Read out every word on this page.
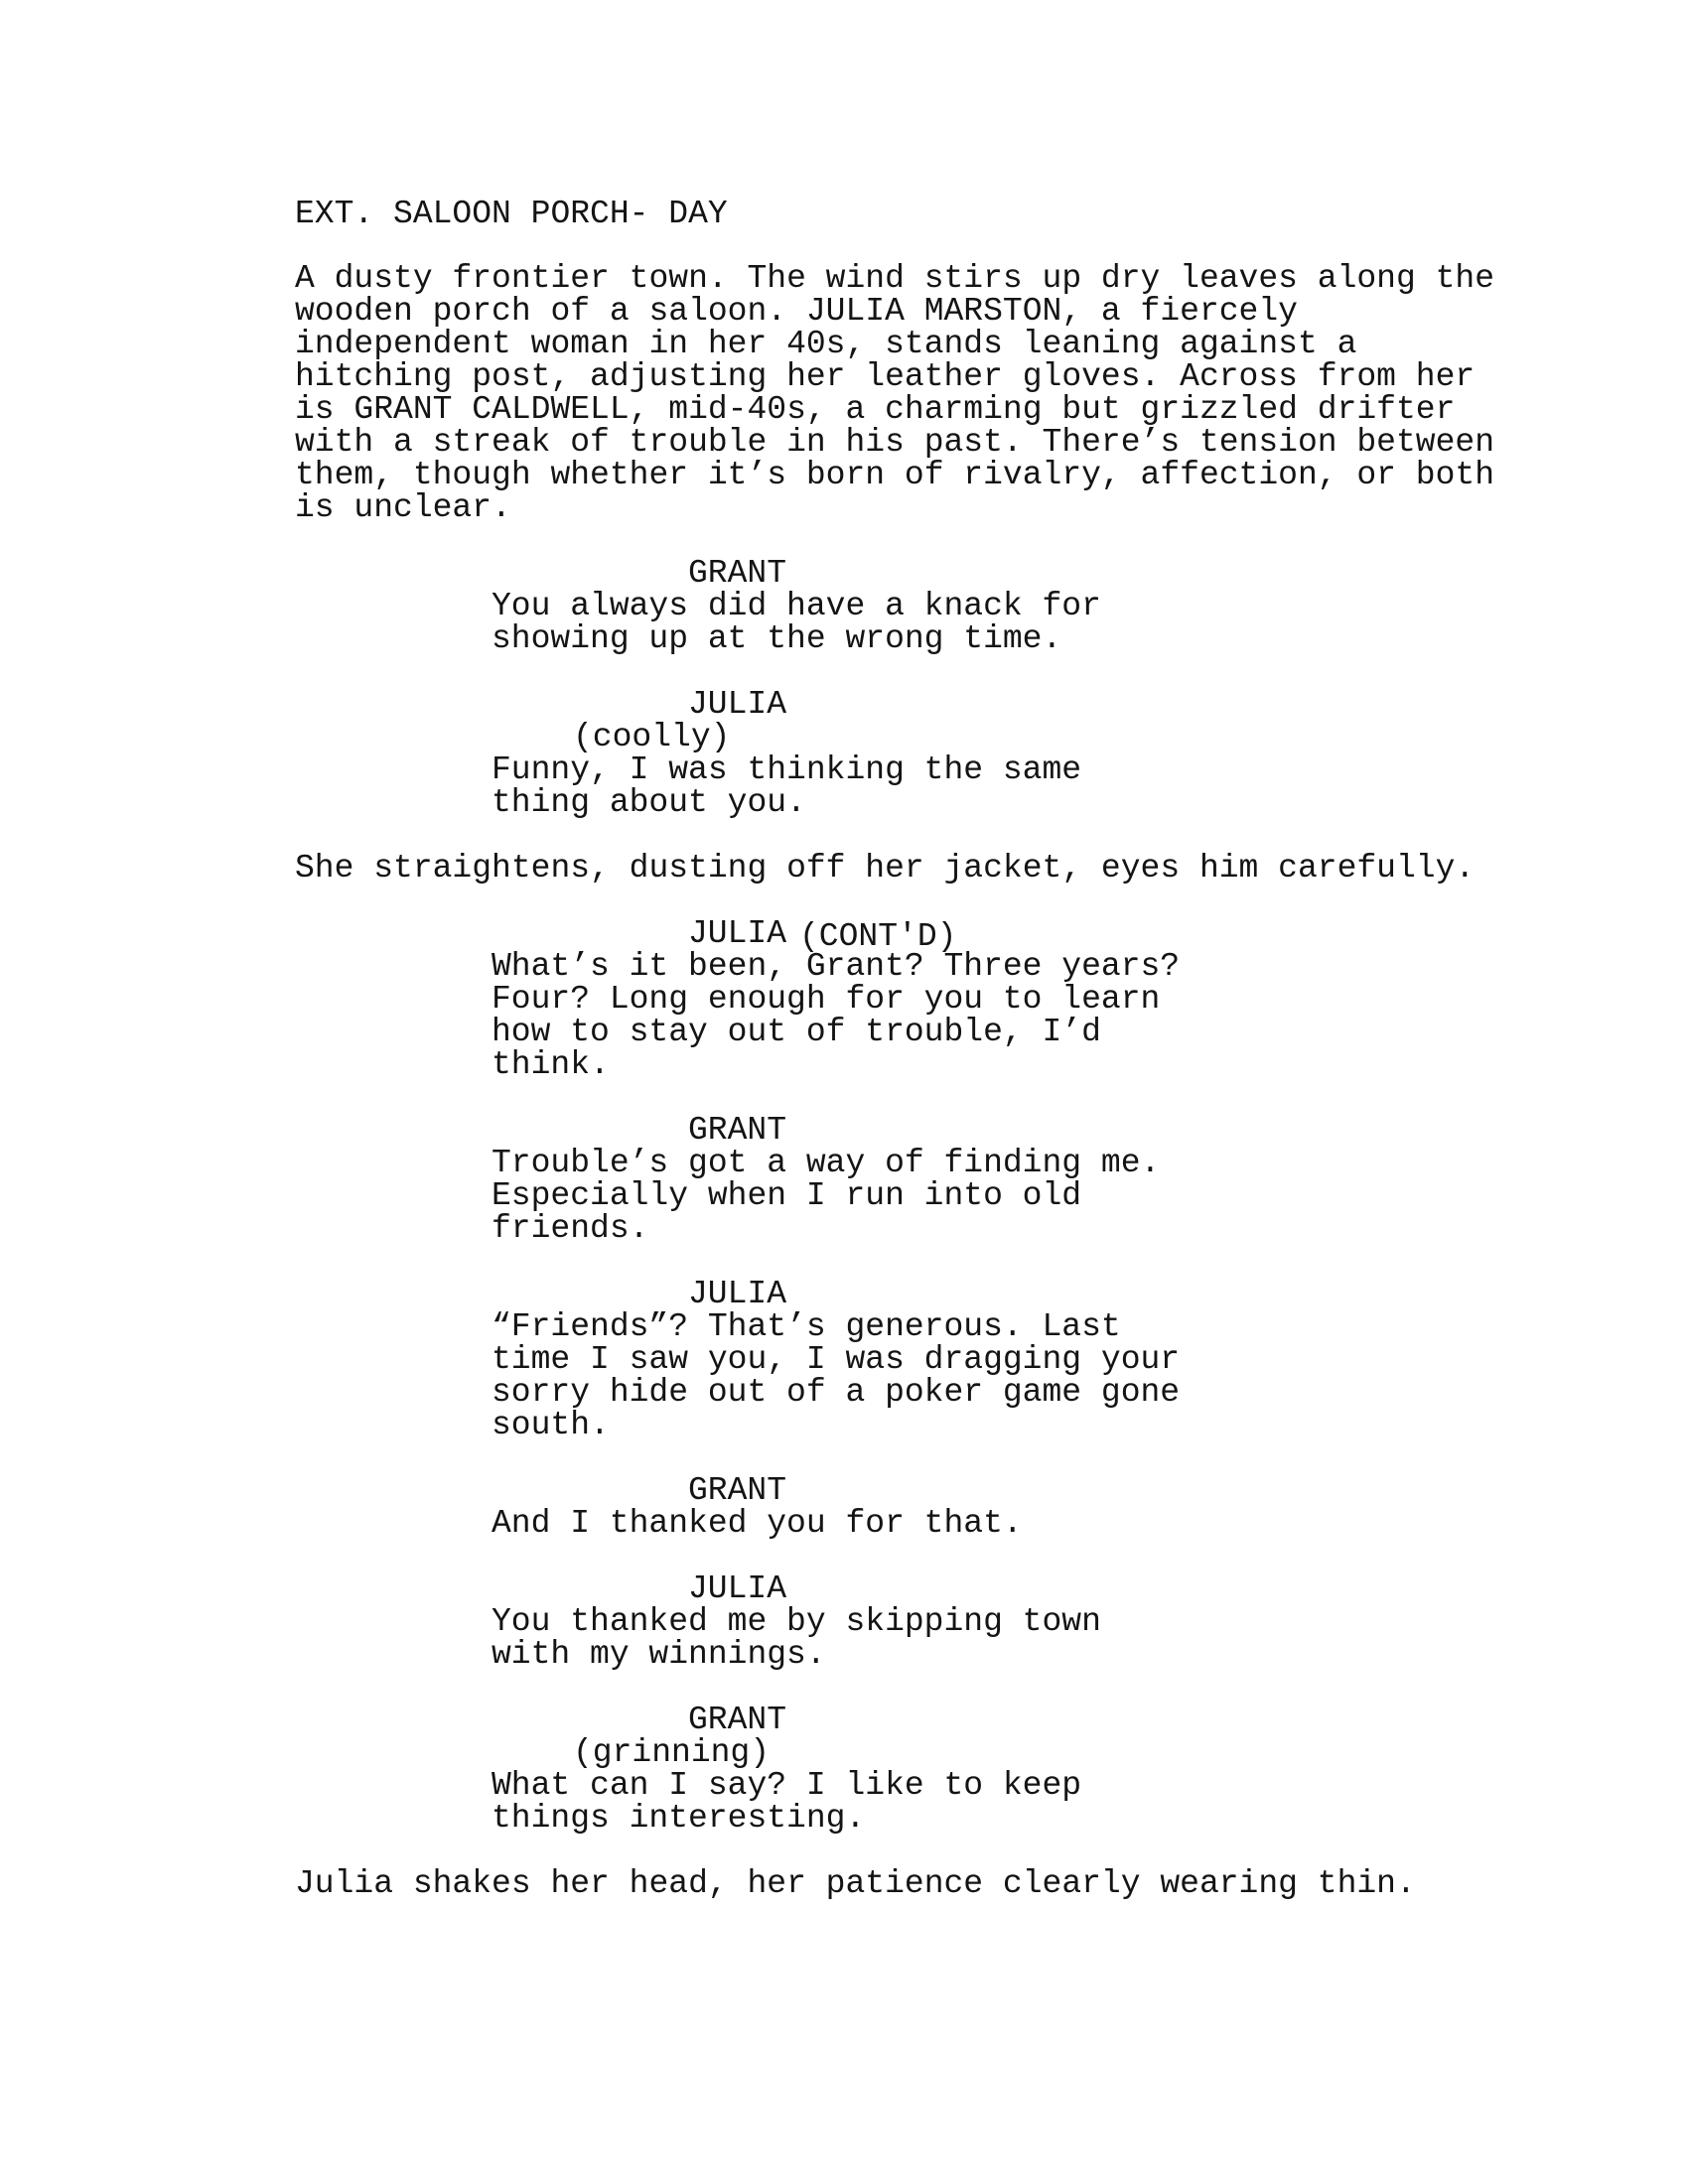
EXT. SALOON PORCH- DAY
A dusty frontier town. The wind stirs up dry leaves along the
wooden porch of a saloon. JULIA MARSTON, a fiercely
independent woman in her 40s, stands leaning against a
hitching post, adjusting her leather gloves. Across from her
is GRANT CALDWELL, mid-40s, a charming but grizzled drifter
with a streak of trouble in his past. There’s tension between
them, though whether it’s born of rivalry, affection, or both
is unclear.
GRANT
You always did have a knack for
showing up at the wrong time.
JULIA
(coolly)
Funny, I was thinking the same
thing about you.
She straightens, dusting off her jacket, eyes him carefully.
JULIA (CONT'D)
What’s it been, Grant? Three years?
Four? Long enough for you to learn
how to stay out of trouble, I’d
think.
GRANT
Trouble’s got a way of finding me.
Especially when I run into old
friends.
JULIA
“Friends”? That’s generous. Last
time I saw you, I was dragging your
sorry hide out of a poker game gone
south.
GRANT
And I thanked you for that.
JULIA
You thanked me by skipping town
with my winnings.
GRANT
(grinning)
What can I say? I like to keep
things interesting.
Julia shakes her head, her patience clearly wearing thin.
